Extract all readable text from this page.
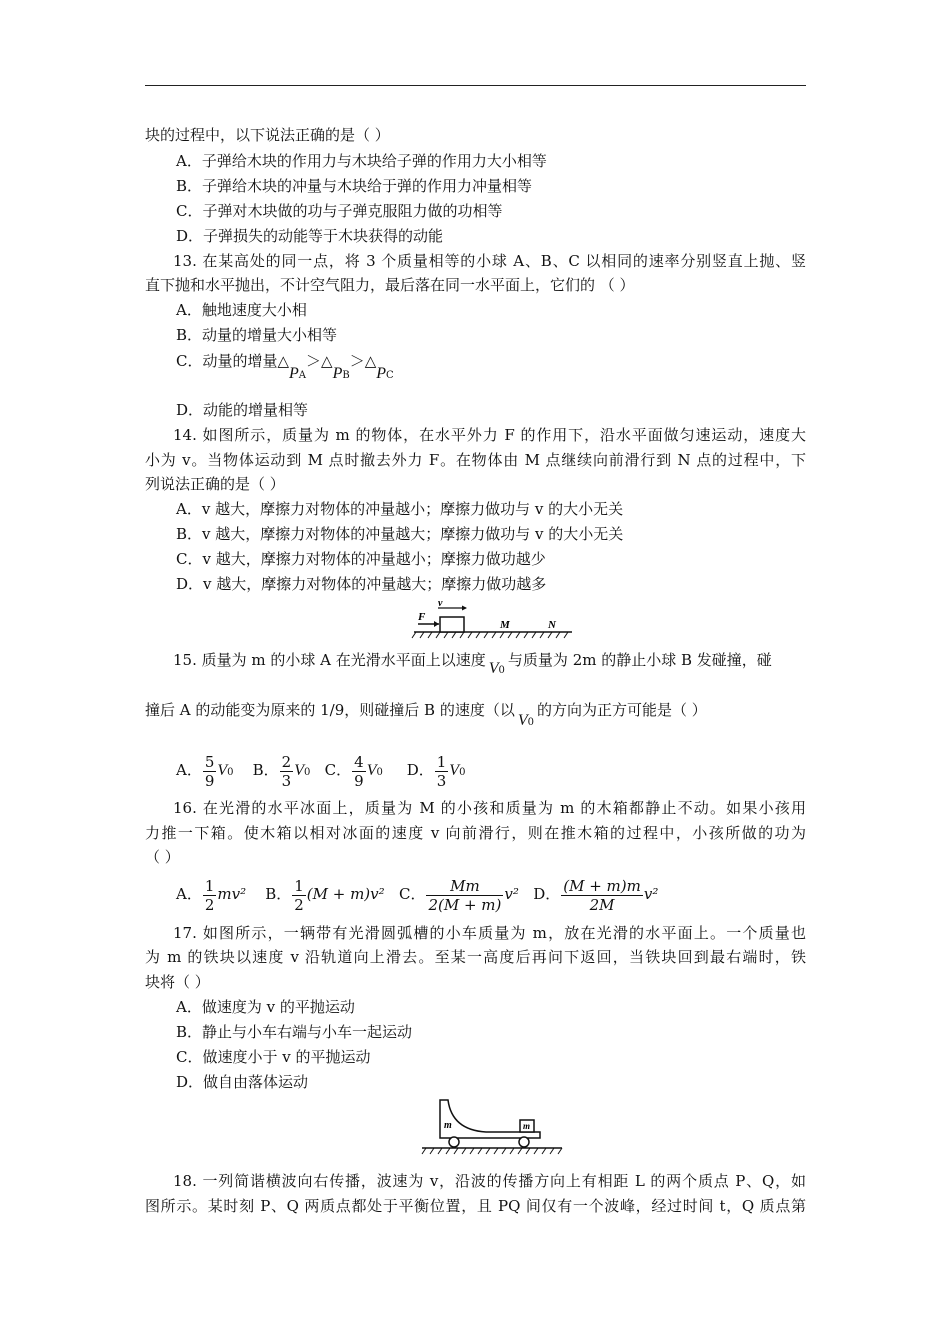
块的过程中，以下说法正确的是（ ）
A．子弹给木块的作用力与木块给子弹的作用力大小相等
B．子弹给木块的冲量与木块给于弹的作用力冲量相等
C．子弹对木块做的功与子弹克服阻力做的功相等
D．子弹损失的动能等于木块获得的动能
13. 在某高处的同一点，将 3 个质量相等的小球 A、B、C 以相同的速率分别竖直上抛、竖
直下抛和水平抛出，不计空气阻力，最后落在同一水平面上，它们的 （ ）
A．触地速度大小相
B．动量的增量大小相等
C．动量的增量△PA＞△PB＞△PC
D．动能的增量相等
14. 如图所示，质量为 m 的物体，在水平外力 F 的作用下，沿水平面做匀速运动，速度大
小为 v。当物体运动到 M 点时撤去外力 F。在物体由 M 点继续向前滑行到 N 点的过程中，下
列说法正确的是（ ）
A．v 越大，摩擦力对物体的冲量越小；摩擦力做功与 v 的大小无关
B．v 越大，摩擦力对物体的冲量越大；摩擦力做功与 v 的大小无关
C．v 越大，摩擦力对物体的冲量越小；摩擦力做功越少
D．v 越大，摩擦力对物体的冲量越大；摩擦力做功越多
F
v
M	N
15. 质量为 m 的小球 A 在光滑水平面上以速度 V0与质量为 2m 的静止小球 B 发碰撞，碰
撞后 A 的动能变为原来的 1/9，则碰撞后 B 的速度（以V0的方向为正方可能是（ ）
A． $\frac{5}{9} V0$ B． $\frac{2}{3} V0$ C． $\frac{4}{9} V0$ D． $\frac{1}{3} V0$
16. 在光滑的水平冰面上，质量为 M 的小孩和质量为 m 的木箱都静止不动。如果小孩用
力推一下箱。使木箱以相对冰面的速度 v 向前滑行，则在推木箱的过程中，小孩所做的功为
（ ）
A． $\frac{1}{2} mv^2$ B． $\frac{1}{2} (M + m)v^2$ C． $\frac{Mm}{2(M + m)} v^2$ D． $\frac{(M + m)m}{2M} v^2$
17. 如图所示，一辆带有光滑圆弧槽的小车质量为 m，放在光滑的水平面上。一个质量也
为 m 的铁块以速度 v 沿轨道向上滑去。至某一高度后再问下返回，当铁块回到最右端时，铁
块将（ ）
A．做速度为 v 的平抛运动
B．静止与小车右端与小车一起运动
C．做速度小于 v 的平抛运动
D．做自由落体运动
m	m
18. 一列简谐横波向右传播，波速为 v，沿波的传播方向上有相距 L 的两个质点 P、Q，如
图所示。某时刻 P、Q 两质点都处于平衡位置，且 PQ 间仅有一个波峰，经过时间 t，Q 质点第
